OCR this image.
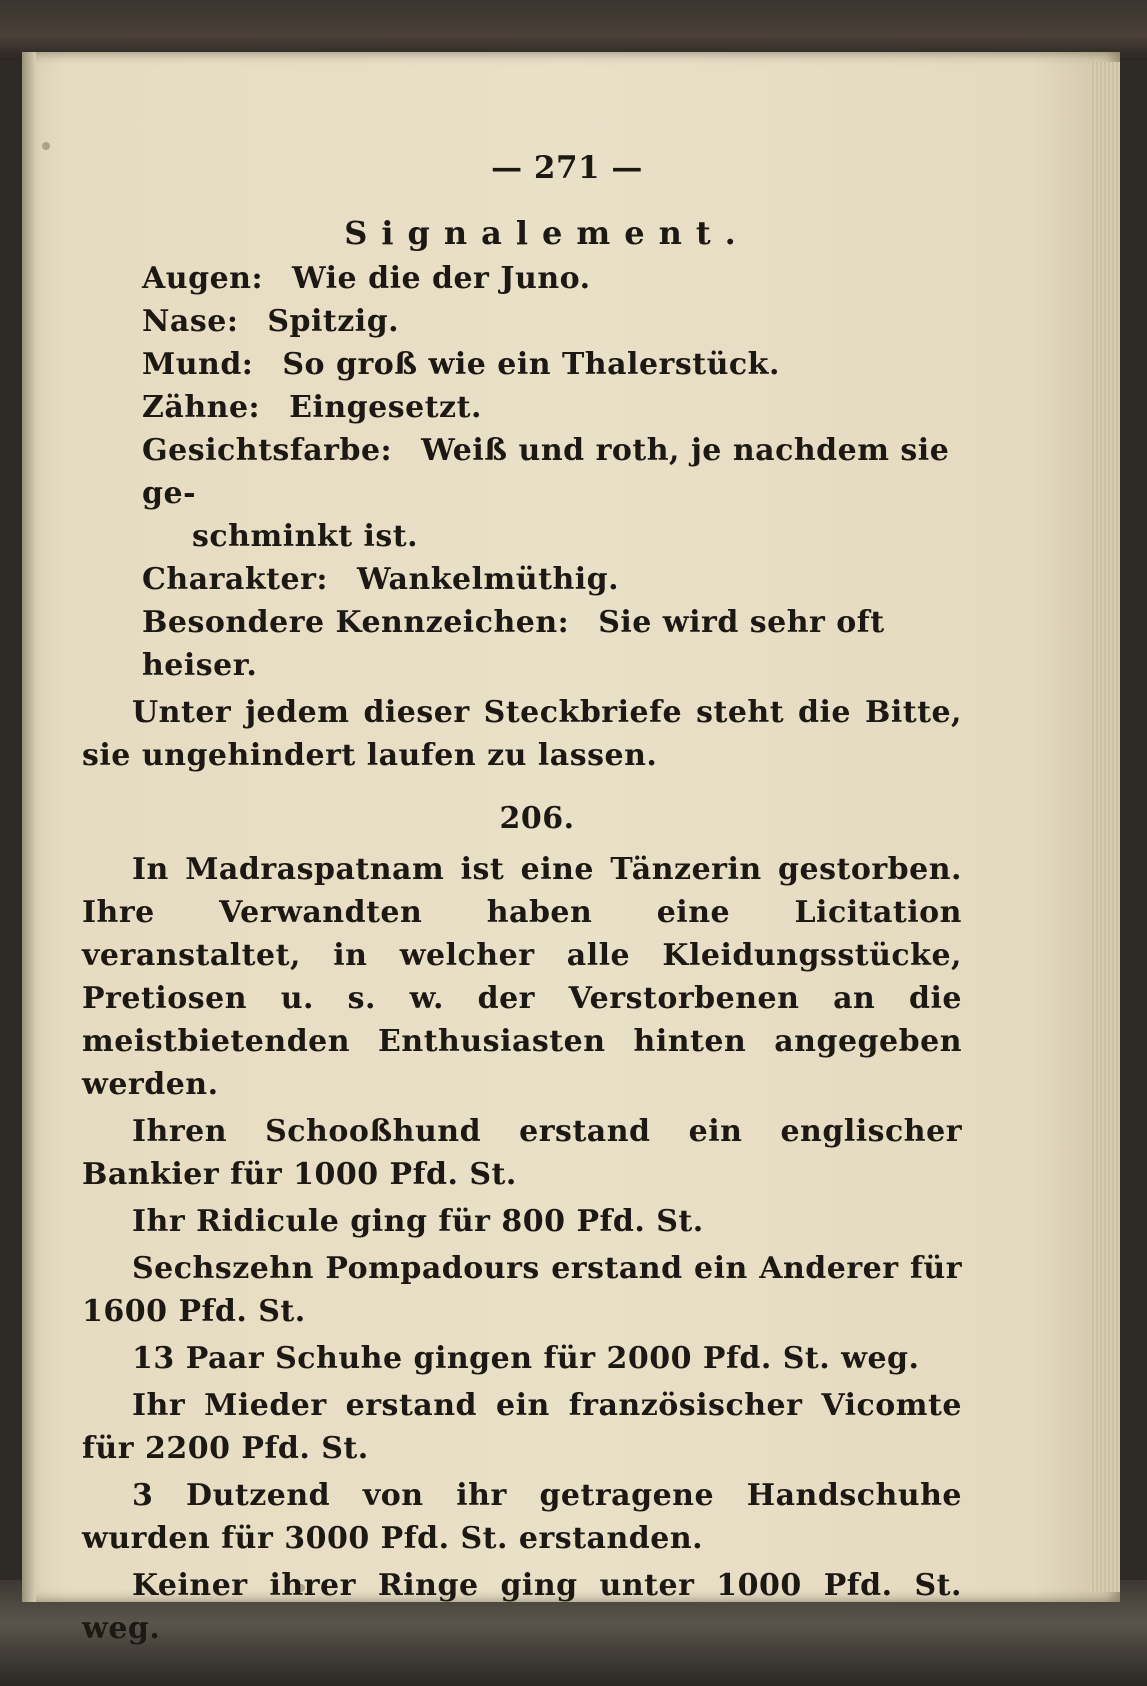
— 271 —
Signalement.
Augen: Wie die der Juno.
Nase: Spitzig.
Mund: So groß wie ein Thalerstück.
Zähne: Eingesetzt.
Gesichtsfarbe: Weiß und roth, je nachdem sie ge-
schminkt ist.
Charakter: Wankelmüthig.
Besondere Kennzeichen: Sie wird sehr oft heiser.
Unter jedem dieser Steckbriefe steht die Bitte, sie ungehindert laufen zu lassen.
206.
In Madraspatnam ist eine Tänzerin gestorben. Ihre Verwandten haben eine Licitation veranstaltet, in welcher alle Kleidungsstücke, Pretiosen u. s. w. der Verstorbenen an die meistbietenden Enthusiasten hinten angegeben werden.
Ihren Schooßhund erstand ein englischer Bankier für 1000 Pfd. St.
Ihr Ridicule ging für 800 Pfd. St.
Sechszehn Pompadours erstand ein Anderer für 1600 Pfd. St.
13 Paar Schuhe gingen für 2000 Pfd. St. weg.
Ihr Mieder erstand ein französischer Vicomte für 2200 Pfd. St.
3 Dutzend von ihr getragene Handschuhe wurden für 3000 Pfd. St. erstanden.
Keiner ihrer Ringe ging unter 1000 Pfd. St. weg.
